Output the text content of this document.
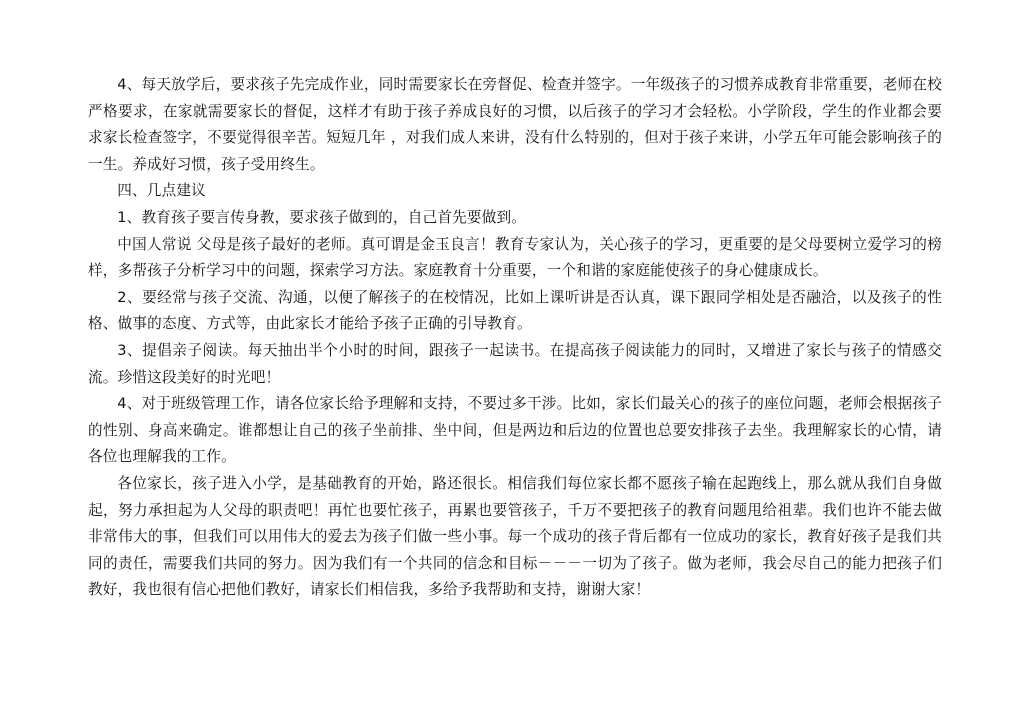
4、每天放学后，要求孩子先完成作业，同时需要家长在旁督促、检查并签字。一年级孩子的习惯养成教育非常重要，老师在校严格要求，在家就需要家长的督促，这样才有助于孩子养成良好的习惯，以后孩子的学习才会轻松。小学阶段，学生的作业都会要求家长检查签字，不要觉得很辛苦。短短几年 ，对我们成人来讲，没有什么特别的，但对于孩子来讲，小学五年可能会影响孩子的一生。养成好习惯，孩子受用终生。

四、几点建议

1、教育孩子要言传身教，要求孩子做到的，自己首先要做到。

中国人常说 父母是孩子最好的老师。真可谓是金玉良言！教育专家认为，关心孩子的学习，更重要的是父母要树立爱学习的榜样，多帮孩子分析学习中的问题，探索学习方法。家庭教育十分重要，一个和谐的家庭能使孩子的身心健康成长。

2、要经常与孩子交流、沟通，以便了解孩子的在校情况，比如上课听讲是否认真，课下跟同学相处是否融洽，以及孩子的性格、做事的态度、方式等，由此家长才能给予孩子正确的引导教育。

3、提倡亲子阅读。每天抽出半个小时的时间，跟孩子一起读书。在提高孩子阅读能力的同时，又增进了家长与孩子的情感交流。珍惜这段美好的时光吧！

4、对于班级管理工作，请各位家长给予理解和支持，不要过多干涉。比如，家长们最关心的孩子的座位问题，老师会根据孩子的性别、身高来确定。谁都想让自己的孩子坐前排、坐中间，但是两边和后边的位置也总要安排孩子去坐。我理解家长的心情，请各位也理解我的工作。

各位家长，孩子进入小学，是基础教育的开始，路还很长。相信我们每位家长都不愿孩子输在起跑线上，那么就从我们自身做起，努力承担起为人父母的职责吧！再忙也要忙孩子，再累也要管孩子，千万不要把孩子的教育问题甩给祖辈。我们也许不能去做非常伟大的事，但我们可以用伟大的爱去为孩子们做一些小事。每一个成功的孩子背后都有一位成功的家长，教育好孩子是我们共同的责任，需要我们共同的努力。因为我们有一个共同的信念和目标－－－一切为了孩子。做为老师，我会尽自己的能力把孩子们教好，我也很有信心把他们教好，请家长们相信我，多给予我帮助和支持，谢谢大家！
